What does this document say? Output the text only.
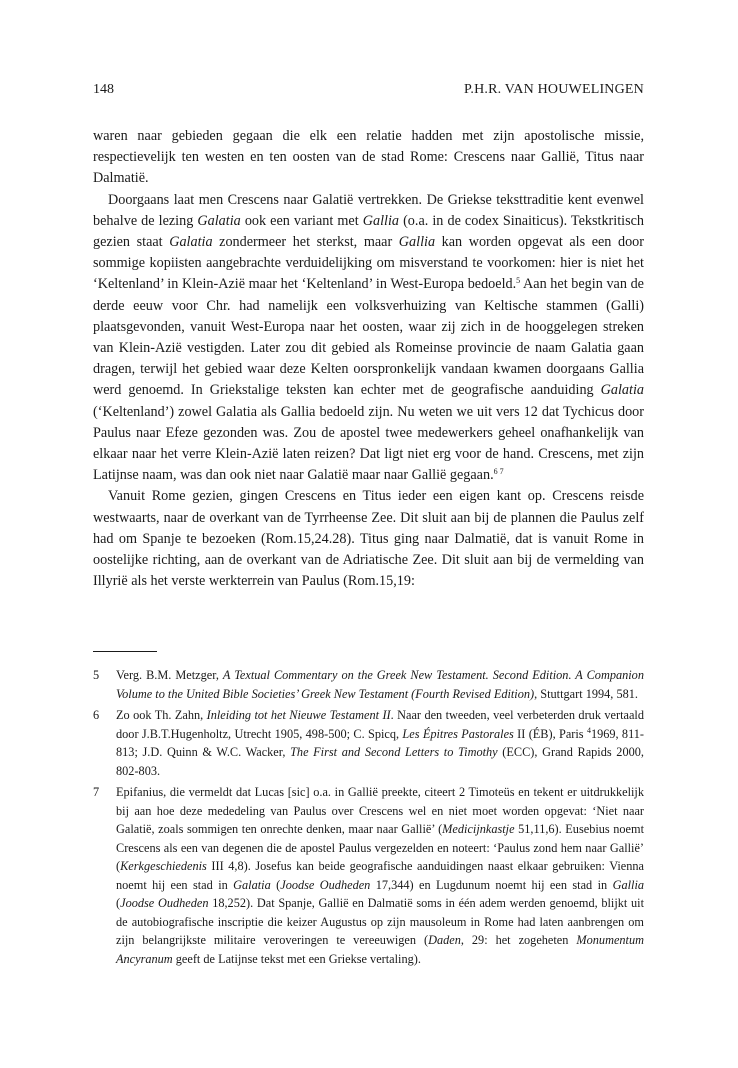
148	P.H.R. VAN HOUWELINGEN

waren naar gebieden gegaan die elk een relatie hadden met zijn apostolische missie, respectievelijk ten westen en ten oosten van de stad Rome: Crescens naar Gallië, Titus naar Dalmatië.

Doorgaans laat men Crescens naar Galatië vertrekken. De Griekse teksttraditie kent evenwel behalve de lezing Galatia ook een variant met Gallia (o.a. in de codex Sinaiticus). Tekstkritisch gezien staat Galatia zondermeer het sterkst, maar Gallia kan worden opgevat als een door sommige kopiisten aangebrachte verduidelijking om misverstand te voorkomen: hier is niet het ‘Keltenland’ in Klein-Azië maar het ‘Keltenland’ in West-Europa bedoeld.$^5$ Aan het begin van de derde eeuw voor Chr. had namelijk een volksverhuizing van Keltische stammen (Galli) plaatsgevonden, vanuit West-Europa naar het oosten, waar zij zich in de hooggelegen streken van Klein-Azië vestigden. Later zou dit gebied als Romeinse provincie de naam Galatia gaan dragen, terwijl het gebied waar deze Kelten oorspronkelijk vandaan kwamen doorgaans Gallia werd genoemd. In Griekstalige teksten kan echter met de geografische aanduiding Galatia (‘Keltenland’) zowel Galatia als Gallia bedoeld zijn. Nu weten we uit vers 12 dat Tychicus door Paulus naar Efeze gezonden was. Zou de apostel twee medewerkers geheel onafhankelijk van elkaar naar het verre Klein-Azië laten reizen? Dat ligt niet erg voor de hand. Crescens, met zijn Latijnse naam, was dan ook niet naar Galatië maar naar Gallië gegaan.$^{6 7}$

Vanuit Rome gezien, gingen Crescens en Titus ieder een eigen kant op. Crescens reisde westwaarts, naar de overkant van de Tyrrheense Zee. Dit sluit aan bij de plannen die Paulus zelf had om Spanje te bezoeken (Rom.15,24.28). Titus ging naar Dalmatië, dat is vanuit Rome in oostelijke richting, aan de overkant van de Adriatische Zee. Dit sluit aan bij de vermelding van Illyrië als het verste werkterrein van Paulus (Rom.15,19:

5 Verg. B.M. Metzger, A Textual Commentary on the Greek New Testament. Second Edition. A Companion Volume to the United Bible Societies’ Greek New Testament (Fourth Revised Edition), Stuttgart 1994, 581.
6 Zo ook Th. Zahn, Inleiding tot het Nieuwe Testament II. Naar den tweeden, veel verbeterden druk vertaald door J.B.T.Hugenholtz, Utrecht 1905, 498-500; C. Spicq, Les Épitres Pastorales II (ÉB), Paris $^4$1969, 811-813; J.D. Quinn & W.C. Wacker, The First and Second Letters to Timothy (ECC), Grand Rapids 2000, 802-803.
7 Epifanius, die vermeldt dat Lucas [sic] o.a. in Galliё preekte, citeert 2 Timoteüs en tekent er uitdrukkelijk bij aan hoe deze mededeling van Paulus over Crescens wel en niet moet worden opgevat: ‘Niet naar Galatië, zoals sommigen ten onrechte denken, maar naar Galliё’ (Medicijnkastje 51,11,6). Eusebius noemt Crescens als een van degenen die de apostel Paulus vergezelden en noteert: ‘Paulus zond hem naar Galliё’ (Kerkgeschiedenis III 4,8). Josefus kan beide geografische aanduidingen naast elkaar gebruiken: Vienna noemt hij een stad in Galatia (Joodse Oudheden 17,344) en Lugdunum noemt hij een stad in Gallia (Joodse Oudheden 18,252). Dat Spanje, Galliё en Dalmatië soms in één adem werden genoemd, blijkt uit de autobiografische inscriptie die keizer Augustus op zijn mausoleum in Rome had laten aanbrengen om zijn belangrijkste militaire veroveringen te vereeuwigen (Daden, 29: het zogeheten Monumentum Ancyranum geeft de Latijnse tekst met een Griekse vertaling).
